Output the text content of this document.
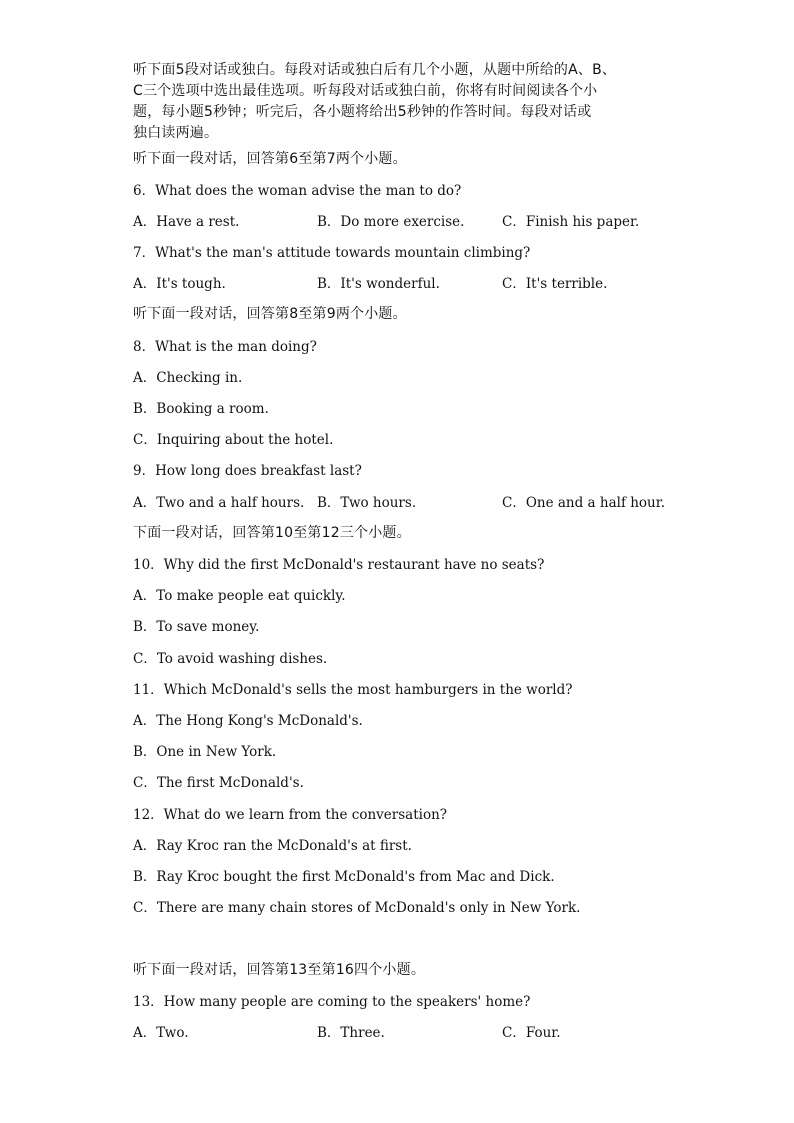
听下面5段对话或独白。每段对话或独白后有几个小题，从题中所给的A、B、
C三个选项中选出最佳选项。听每段对话或独白前，你将有时间阅读各个小
题，每小题5秒钟；听完后，各小题将给出5秒钟的作答时间。每段对话或
独白读两遍。
听下面一段对话，回答第6至第7两个小题。
6．What does the woman advise the man to do?
A．Have a rest.	B．Do more exercise.	C．Finish his paper.
7．What's the man's attitude towards mountain climbing?
A．It's tough.	B．It's wonderful.	C．It's terrible.
听下面一段对话，回答第8至第9两个小题。
8．What is the man doing?
A．Checking in.
B．Booking a room.
C．Inquiring about the hotel.
9．How long does breakfast last?
A．Two and a half hours. B．Two hours.	C．One and a half hour.
下面一段对话，回答第10至第12三个小题。
10．Why did the first McDonald's restaurant have no seats?
A．To make people eat quickly.
B．To save money.
C．To avoid washing dishes.
11．Which McDonald's sells the most hamburgers in the world?
A．The Hong Kong's McDonald's.
B．One in New York.
C．The first McDonald's.
12．What do we learn from the conversation?
A．Ray Kroc ran the McDonald's at first.
B．Ray Kroc bought the first McDonald's from Mac and Dick.
C．There are many chain stores of McDonald's only in New York.
听下面一段对话，回答第13至第16四个小题。
13．How many people are coming to the speakers' home?
A．Two.	B．Three.	C．Four.
